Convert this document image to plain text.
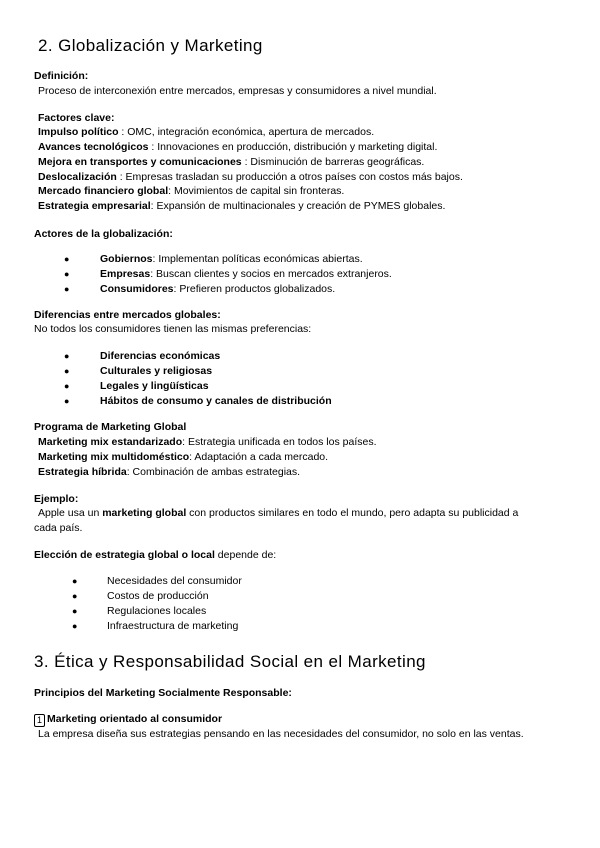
2. Globalización y Marketing
Definición:
Proceso de interconexión entre mercados, empresas y consumidores a nivel mundial.
Factores clave:
Impulso político : OMC, integración económica, apertura de mercados.
Avances tecnológicos : Innovaciones en producción, distribución y marketing digital.
Mejora en transportes y comunicaciones : Disminución de barreras geográficas.
Deslocalización : Empresas trasladan su producción a otros países con costos más bajos.
Mercado financiero global: Movimientos de capital sin fronteras.
Estrategia empresarial: Expansión de multinacionales y creación de PYMES globales.
Actores de la globalización:
●	Gobiernos: Implementan políticas económicas abiertas.
●	Empresas: Buscan clientes y socios en mercados extranjeros.
●	Consumidores: Prefieren productos globalizados.
Diferencias entre mercados globales:
No todos los consumidores tienen las mismas preferencias:
●	Diferencias económicas
●	Culturales y religiosas
●	Legales y lingüísticas
●	Hábitos de consumo y canales de distribución
Programa de Marketing Global
Marketing mix estandarizado: Estrategia unificada en todos los países.
Marketing mix multidoméstico: Adaptación a cada mercado.
Estrategia híbrida: Combinación de ambas estrategias.
Ejemplo:
Apple usa un marketing global con productos similares en todo el mundo, pero adapta su publicidad a cada país.
Elección de estrategia global o local depende de:
●	Necesidades del consumidor
●	Costos de producción
●	Regulaciones locales
●	Infraestructura de marketing
3. Ética y Responsabilidad Social en el Marketing
Principios del Marketing Socialmente Responsable:
1 Marketing orientado al consumidor
La empresa diseña sus estrategias pensando en las necesidades del consumidor, no solo en las ventas.
